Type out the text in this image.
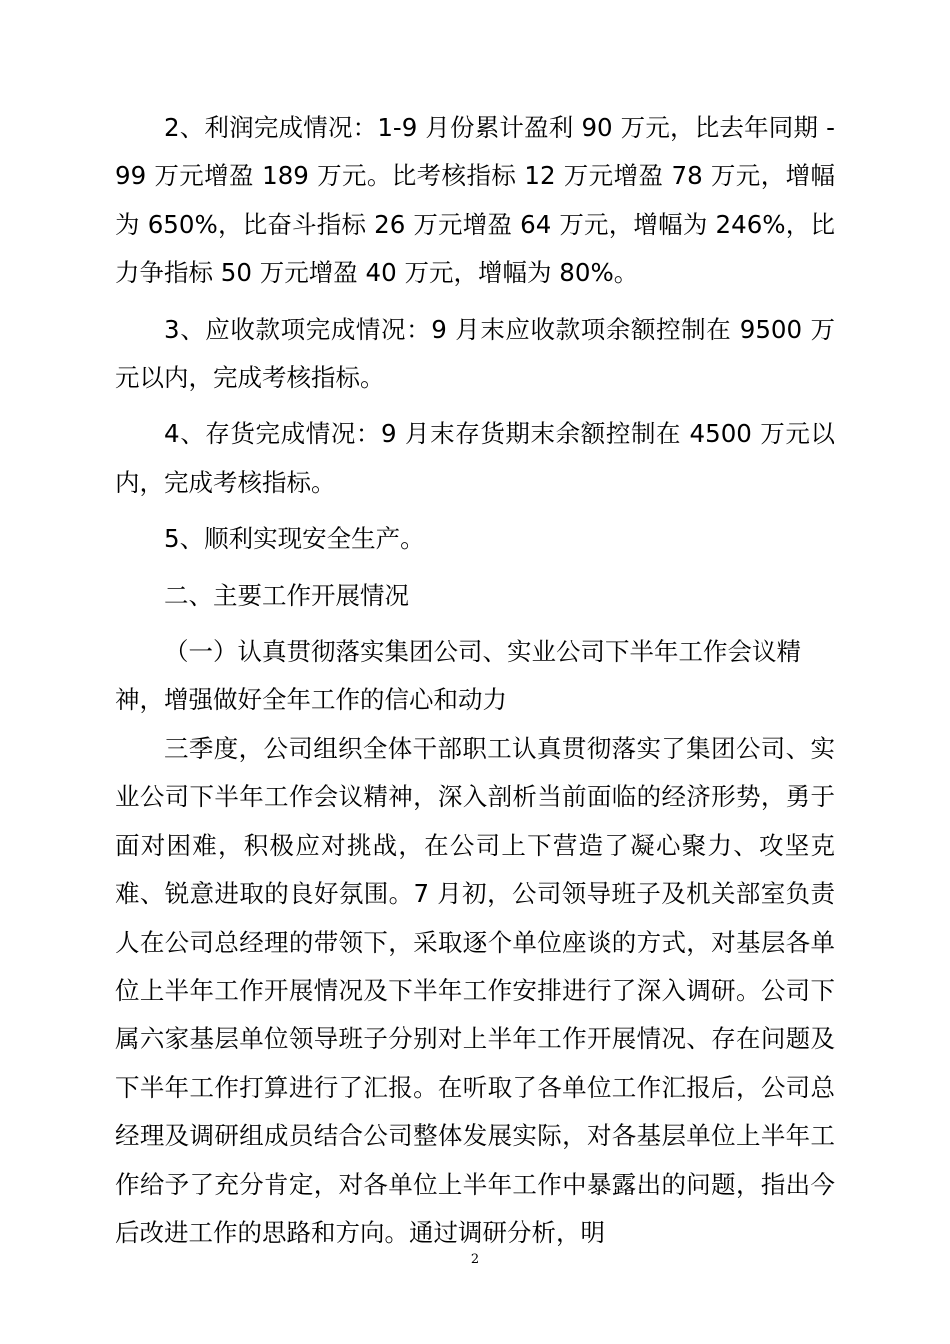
2、利润完成情况：1-9 月份累计盈利 90 万元，比去年同期 -99 万元增盈 189 万元。比考核指标 12 万元增盈 78 万元，增幅为 650%，比奋斗指标 26 万元增盈 64 万元，增幅为 246%，比力争指标 50 万元增盈 40 万元，增幅为 80%。

3、应收款项完成情况：9 月末应收款项余额控制在 9500 万元以内，完成考核指标。

4、存货完成情况：9 月末存货期末余额控制在 4500 万元以内，完成考核指标。

5、顺利实现安全生产。

二、主要工作开展情况

（一）认真贯彻落实集团公司、实业公司下半年工作会议精神，增强做好全年工作的信心和动力

三季度，公司组织全体干部职工认真贯彻落实了集团公司、实业公司下半年工作会议精神，深入剖析当前面临的经济形势，勇于面对困难，积极应对挑战，在公司上下营造了凝心聚力、攻坚克难、锐意进取的良好氛围。7 月初，公司领导班子及机关部室负责人在公司总经理的带领下，采取逐个单位座谈的方式，对基层各单位上半年工作开展情况及下半年工作安排进行了深入调研。公司下属六家基层单位领导班子分别对上半年工作开展情况、存在问题及下半年工作打算进行了汇报。在听取了各单位工作汇报后，公司总经理及调研组成员结合公司整体发展实际，对各基层单位上半年工作给予了充分肯定，对各单位上半年工作中暴露出的问题，指出今后改进工作的思路和方向。通过调研分析，明

2
